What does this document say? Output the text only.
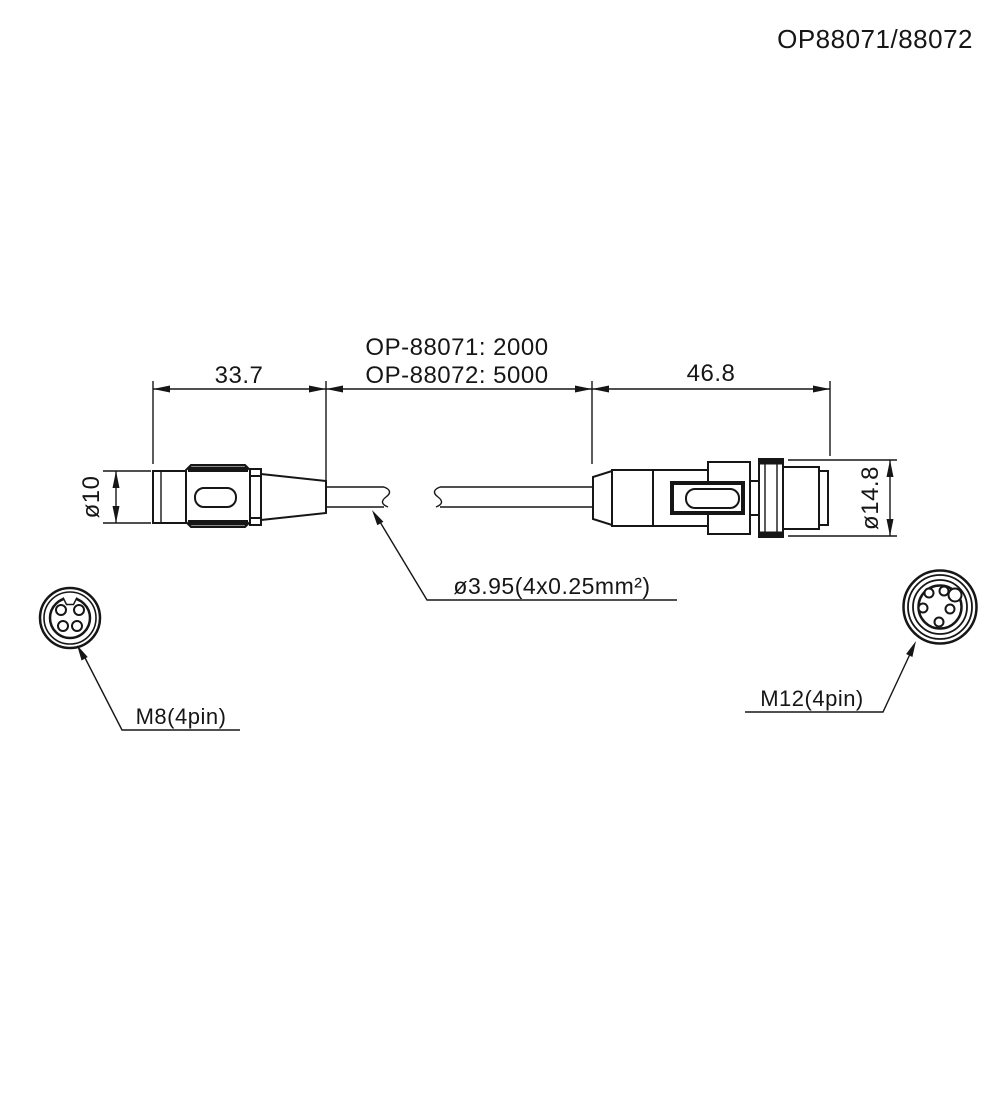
OP88071/88072
33.7
OP-88071: 2000
OP-88072: 5000	46.8
ø10
ø3.95(4x0.25mm²)
M8(4pin)
ø14.8
M12(4pin)
